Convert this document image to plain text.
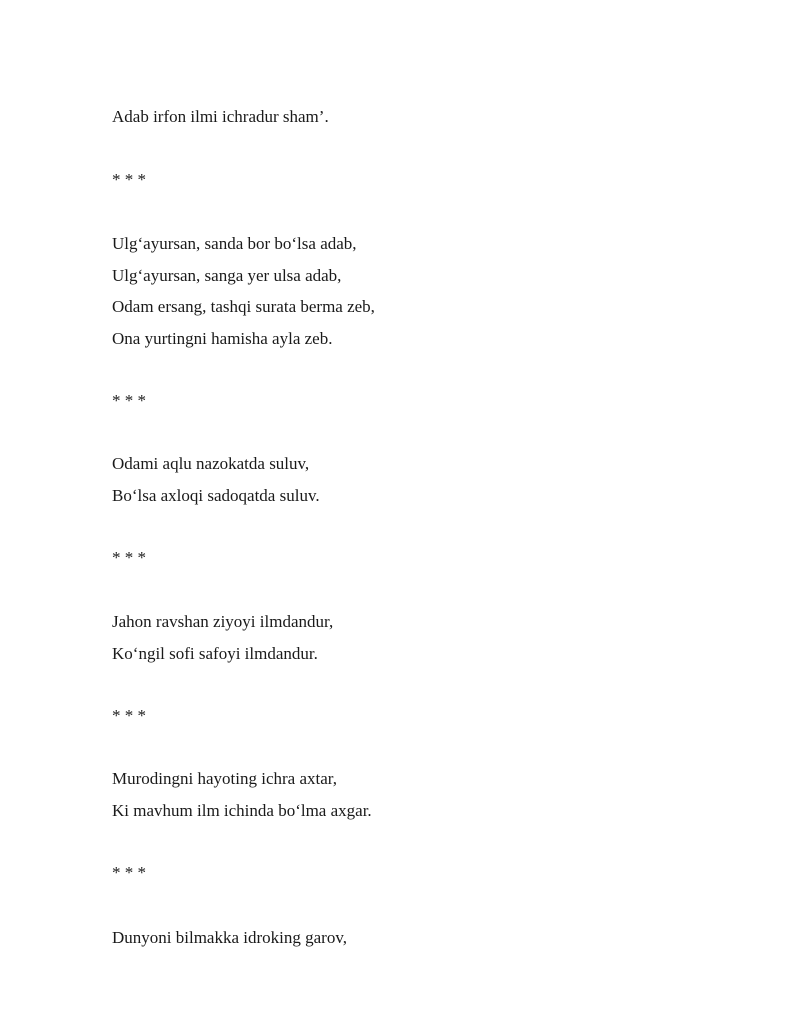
Adab irfon ilmi ichradur sham’.

* * *

Ulg‘ayursan, sanda bor bo‘lsa adab,

Ulg‘ayursan, sanga yer ulsa adab,

Odam ersang, tashqi surata berma zeb,

Ona yurtingni hamisha ayla zeb.

* * *

Odami aqlu nazokatda suluv,

Bo‘lsa axloqi sadoqatda suluv.

* * *

Jahon ravshan ziyoyi ilmdandur,

Ko‘ngil sofi safoyi ilmdandur.

* * *

Murodingni hayoting ichra axtar,

Ki mavhum ilm ichinda bo‘lma axgar.

* * *

Dunyoni bilmakka idroking garov,
